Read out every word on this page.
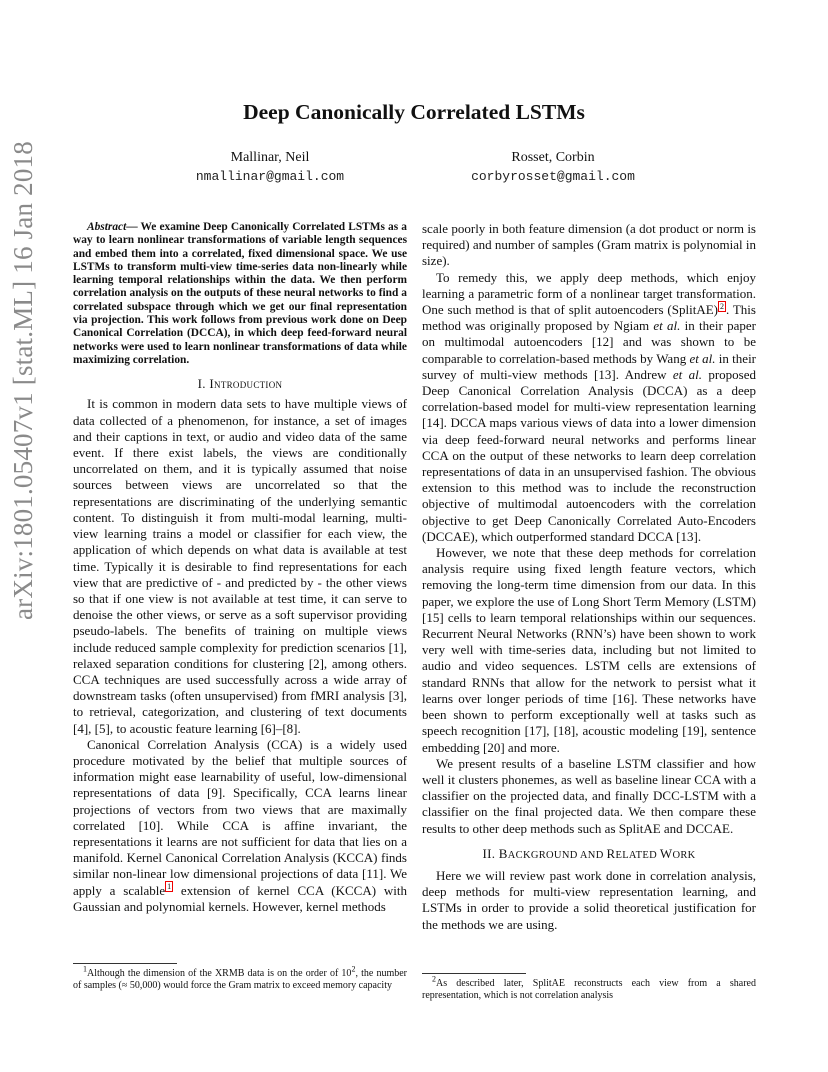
arXiv:1801.05407v1 [stat.ML] 16 Jan 2018
Deep Canonically Correlated LSTMs
Mallinar, Neil
nmallinar@gmail.com
Rosset, Corbin
corbyrosset@gmail.com

Abstract— We examine Deep Canonically Correlated LSTMs as a way to learn nonlinear transformations of variable length sequences and embed them into a correlated, fixed dimensional space. We use LSTMs to transform multi-view time-series data non-linearly while learning temporal relationships within the data. We then perform correlation analysis on the outputs of these neural networks to find a correlated subspace through which we get our final representation via projection. This work follows from previous work done on Deep Canonical Correlation (DCCA), in which deep feed-forward neural networks were used to learn nonlinear transformations of data while maximizing correlation.

I. Introduction

It is common in modern data sets to have multiple views of data collected of a phenomenon, for instance, a set of images and their captions in text, or audio and video data of the same event. If there exist labels, the views are conditionally uncorrelated on them, and it is typically assumed that noise sources between views are uncorrelated so that the representations are discriminating of the underlying semantic content. To distinguish it from multi-modal learning, multi-view learning trains a model or classifier for each view, the application of which depends on what data is available at test time. Typically it is desirable to find representations for each view that are predictive of - and predicted by - the other views so that if one view is not available at test time, it can serve to denoise the other views, or serve as a soft supervisor providing pseudo-labels. The benefits of training on multiple views include reduced sample complexity for prediction scenarios [1], relaxed separation conditions for clustering [2], among others. CCA techniques are used successfully across a wide array of downstream tasks (often unsupervised) from fMRI analysis [3], to retrieval, categorization, and clustering of text documents [4], [5], to acoustic feature learning [6]–[8].

Canonical Correlation Analysis (CCA) is a widely used procedure motivated by the belief that multiple sources of information might ease learnability of useful, low-dimensional representations of data [9]. Specifically, CCA learns linear projections of vectors from two views that are maximally correlated [10]. While CCA is affine invariant, the representations it learns are not sufficient for data that lies on a manifold. Kernel Canonical Correlation Analysis (KCCA) finds similar non-linear low dimensional projections of data [11]. We apply a scalable $^1$ extension of kernel CCA (KCCA) with Gaussian and polynomial kernels. However, kernel methods

$^1$Although the dimension of the XRMB data is on the order of $10^2$, the number of samples (≈ 50,000) would force the Gram matrix to exceed memory capacity

scale poorly in both feature dimension (a dot product or norm is required) and number of samples (Gram matrix is polynomial in size).

To remedy this, we apply deep methods, which enjoy learning a parametric form of a nonlinear target transformation. One such method is that of split autoencoders (SplitAE) $^2$ . This method was originally proposed by Ngiam et al. in their paper on multimodal autoencoders [12] and was shown to be comparable to correlation-based methods by Wang et al. in their survey of multi-view methods [13]. Andrew et al. proposed Deep Canonical Correlation Analysis (DCCA) as a deep correlation-based model for multi-view representation learning [14]. DCCA maps various views of data into a lower dimension via deep feed-forward neural networks and performs linear CCA on the output of these networks to learn deep correlation representations of data in an unsupervised fashion. The obvious extension to this method was to include the reconstruction objective of multimodal autoencoders with the correlation objective to get Deep Canonically Correlated Auto-Encoders (DCCAE), which outperformed standard DCCA [13].

However, we note that these deep methods for correlation analysis require using fixed length feature vectors, which removing the long-term time dimension from our data. In this paper, we explore the use of Long Short Term Memory (LSTM) [15] cells to learn temporal relationships within our sequences. Recurrent Neural Networks (RNN’s) have been shown to work very well with time-series data, including but not limited to audio and video sequences. LSTM cells are extensions of standard RNNs that allow for the network to persist what it learns over longer periods of time [16]. These networks have been shown to perform exceptionally well at tasks such as speech recognition [17], [18], acoustic modeling [19], sentence embedding [20] and more.

We present results of a baseline LSTM classifier and how well it clusters phonemes, as well as baseline linear CCA with a classifier on the projected data, and finally DCC-LSTM with a classifier on the final projected data. We then compare these results to other deep methods such as SplitAE and DCCAE.

II. BACKGROUND AND RELATED WORK

Here we will review past work done in correlation analysis, deep methods for multi-view representation learning, and LSTMs in order to provide a solid theoretical justification for the methods we are using.

$^2$As described later, SplitAE reconstructs each view from a shared representation, which is not correlation analysis
